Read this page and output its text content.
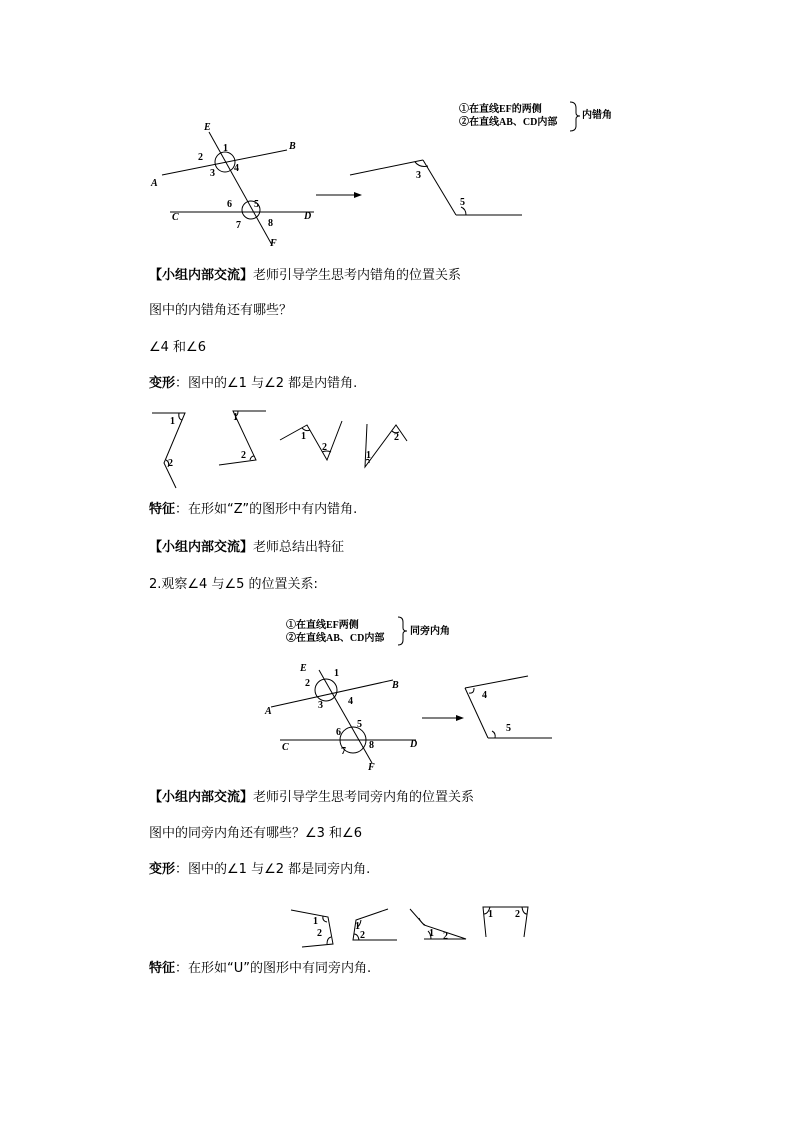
E
A
B
C	D
F
1
2
3 4
5
6
7	8
3
5
①在直线EF的两侧
②在直线AB、CD内部
内错角
【小组内部交流】老师引导学生思考内错角的位置关系
图中的内错角还有哪些？
∠4 和∠6
变形：图中的∠1 与∠2 都是内错角.
1
2
1
2
1
2
1
2
特征：在形如“Z”的图形中有内错角.
【小组内部交流】老师总结出特征
2.观察∠4 与∠5 的位置关系:
①在直线EF两侧
②在直线AB、CD内部
同旁内角
E
A
B
C	D
F
1
2
3	4
5
6
7
8
4
5
【小组内部交流】老师引导学生思考同旁内角的位置关系
图中的同旁内角还有哪些？∠3 和∠6
变形：图中的∠1 与∠2 都是同旁内角.
1
2
1
2	1 2
1 2
特征：在形如“U”的图形中有同旁内角.
